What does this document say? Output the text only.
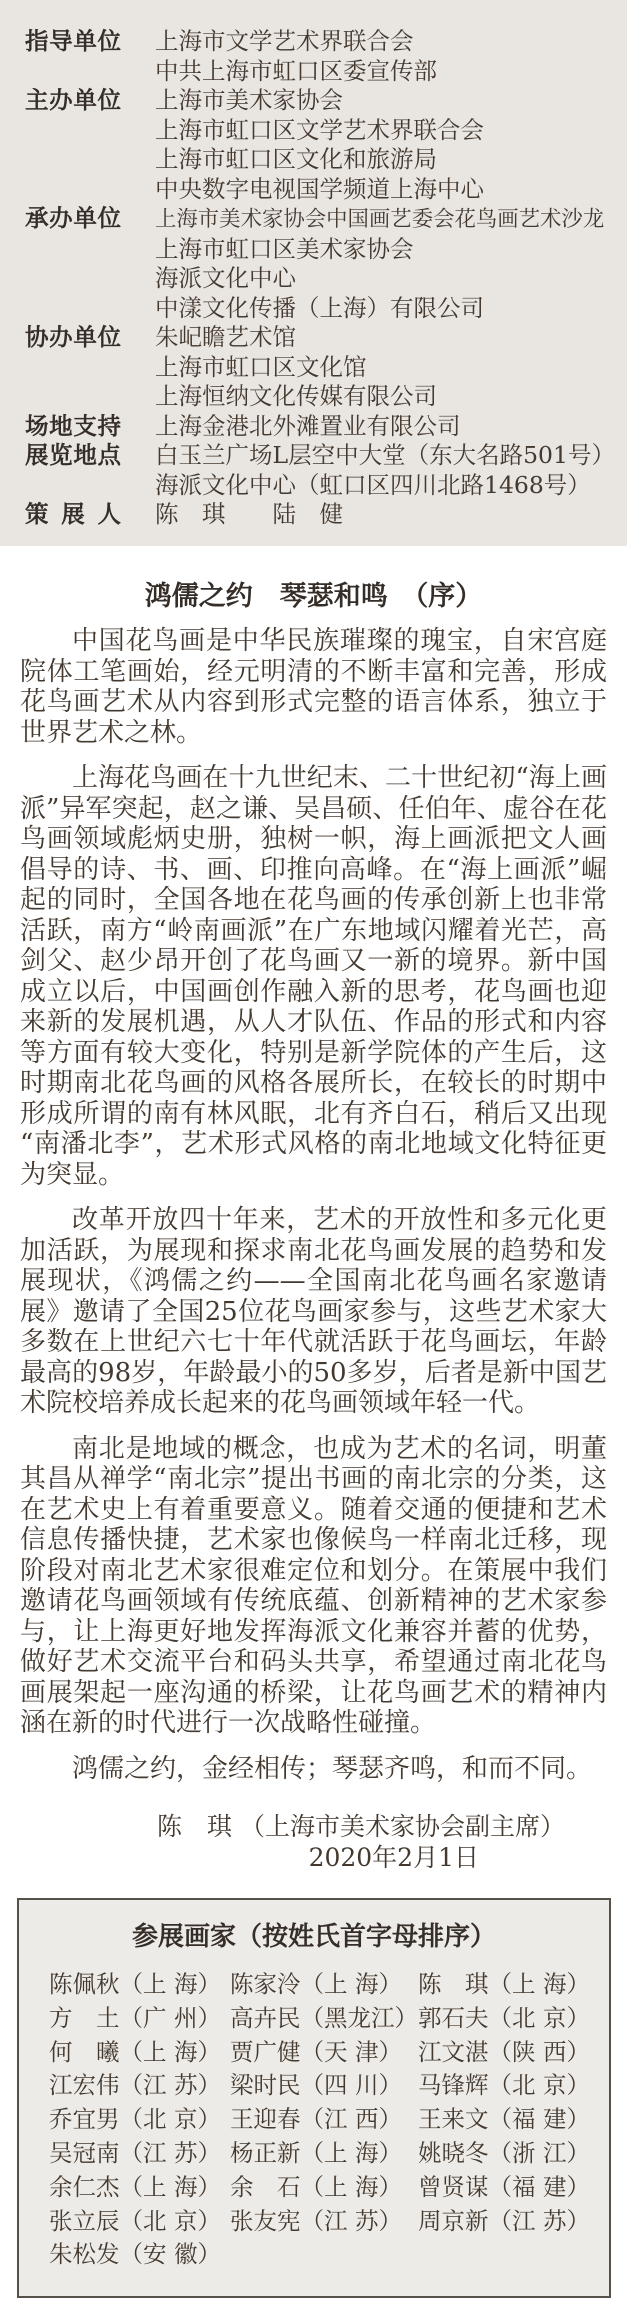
指导单位 上海市文学艺术界联合会
中共上海市虹口区委宣传部
主办单位 上海市美术家协会
上海市虹口区文学艺术界联合会
上海市虹口区文化和旅游局
中央数字电视国学频道上海中心
承办单位 上海市美术家协会中国画艺委会花鸟画艺术沙龙
上海市虹口区美术家协会
海派文化中心
中漾文化传播（上海）有限公司
协办单位 朱屺瞻艺术馆
上海市虹口区文化馆
上海恒纳文化传媒有限公司
场地支持 上海金港北外滩置业有限公司
展览地点 白玉兰广场L层空中大堂（东大名路501号）
海派文化中心（虹口区四川北路1468号）
策展人 陈　琪　　陆　健
鸿儒之约　琴瑟和鸣　（序）

中国花鸟画是中华民族璀璨的瑰宝，自宋宫庭院体工笔画始，经元明清的不断丰富和完善，形成花鸟画艺术从内容到形式完整的语言体系，独立于世界艺术之林。

上海花鸟画在十九世纪末、二十世纪初“海上画派”异军突起，赵之谦、吴昌硕、任伯年、虚谷在花鸟画领域彪炳史册，独树一帜，海上画派把文人画倡导的诗、书、画、印推向高峰。在“海上画派”崛起的同时，全国各地在花鸟画的传承创新上也非常活跃，南方“岭南画派”在广东地域闪耀着光芒，高剑父、赵少昂开创了花鸟画又一新的境界。新中国成立以后，中国画创作融入新的思考，花鸟画也迎来新的发展机遇，从人才队伍、作品的形式和内容等方面有较大变化，特别是新学院体的产生后，这时期南北花鸟画的风格各展所长，在较长的时期中形成所谓的南有林风眠，北有齐白石，稍后又出现“南潘北李”，艺术形式风格的南北地域文化特征更为突显。

改革开放四十年来，艺术的开放性和多元化更加活跃，为展现和探求南北花鸟画发展的趋势和发展现状，《鸿儒之约——全国南北花鸟画名家邀请展》邀请了全国25位花鸟画家参与，这些艺术家大多数在上世纪六七十年代就活跃于花鸟画坛，年龄最高的98岁，年龄最小的50多岁，后者是新中国艺术院校培养成长起来的花鸟画领域年轻一代。

南北是地域的概念，也成为艺术的名词，明董其昌从禅学“南北宗”提出书画的南北宗的分类，这在艺术史上有着重要意义。随着交通的便捷和艺术信息传播快捷，艺术家也像候鸟一样南北迁移，现阶段对南北艺术家很难定位和划分。在策展中我们邀请花鸟画领域有传统底蕴、创新精神的艺术家参与，让上海更好地发挥海派文化兼容并蓄的优势，做好艺术交流平台和码头共享，希望通过南北花鸟画展架起一座沟通的桥梁，让花鸟画艺术的精神内涵在新的时代进行一次战略性碰撞。

鸿儒之约，金经相传；琴瑟齐鸣，和而不同。

陈　琪 （上海市美术家协会副主席）
2020年2月1日
参展画家（按姓氏首字母排序）
陈佩秋（上 海） 陈家泠（上 海） 陈　琪（上 海）
方　土（广 州） 高卉民（黑龙江） 郭石夫（北 京）
何　曦（上 海） 贾广健（天 津） 江文湛（陕 西）
江宏伟（江 苏） 梁时民（四 川） 马锋辉（北 京）
乔宜男（北 京） 王迎春（江 西） 王来文（福 建）
吴冠南（江 苏） 杨正新（上 海） 姚晓冬（浙 江）
余仁杰（上 海） 余　石（上 海） 曾贤谋（福 建）
张立辰（北 京） 张友宪（江 苏） 周京新（江 苏）
朱松发（安 徽）
